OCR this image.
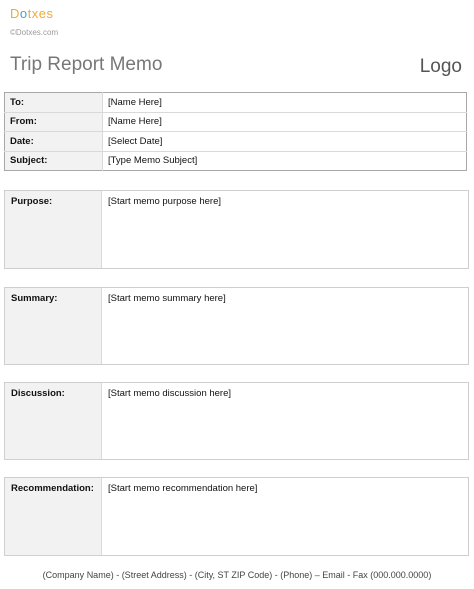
Dotxes
©Dotxes.com
Trip Report Memo	Logo
To:	[Name Here]
From:	[Name Here]
Date:	[Select Date]
Subject:	[Type Memo Subject]
Purpose:	[Start memo purpose here]
Summary:	[Start memo summary here]
Discussion:	[Start memo discussion here]
Recommendation:	[Start memo recommendation here]
(Company Name) - (Street Address) - (City, ST ZIP Code) - (Phone) – Email - Fax (000.000.0000)
